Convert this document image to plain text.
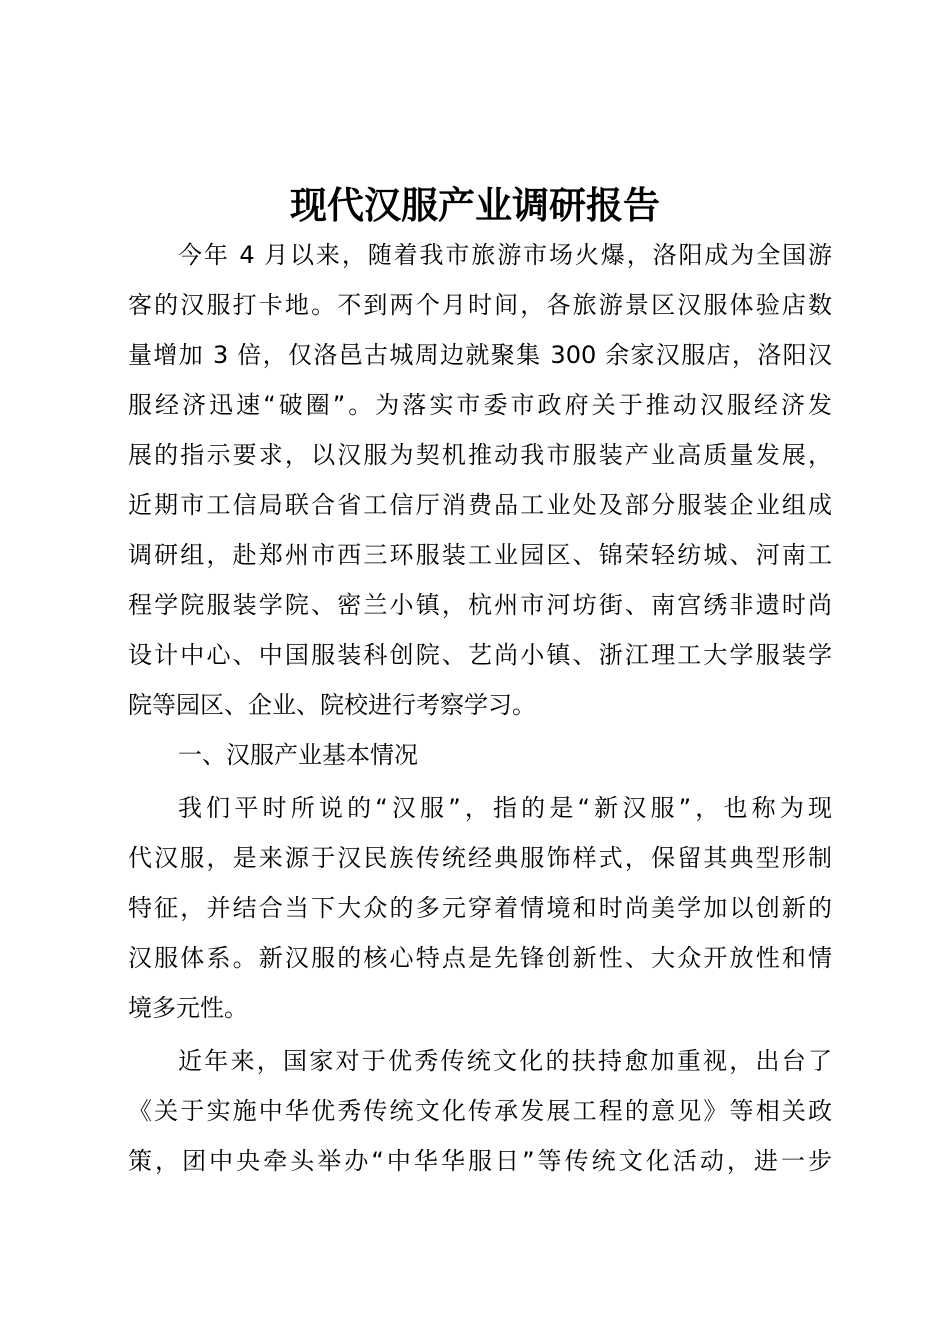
现代汉服产业调研报告
今年 4 月以来，随着我市旅游市场火爆，洛阳成为全国游
客的汉服打卡地。不到两个月时间，各旅游景区汉服体验店数
量增加 3 倍，仅洛邑古城周边就聚集 300 余家汉服店，洛阳汉
服经济迅速“破圈”。为落实市委市政府关于推动汉服经济发
展的指示要求，以汉服为契机推动我市服装产业高质量发展，
近期市工信局联合省工信厅消费品工业处及部分服装企业组成
调研组，赴郑州市西三环服装工业园区、锦荣轻纺城、河南工
程学院服装学院、密兰小镇，杭州市河坊街、南宫绣非遗时尚
设计中心、中国服装科创院、艺尚小镇、浙江理工大学服装学
院等园区、企业、院校进行考察学习。
一、汉服产业基本情况
我们平时所说的“汉服”，指的是“新汉服”，也称为现
代汉服，是来源于汉民族传统经典服饰样式，保留其典型形制
特征，并结合当下大众的多元穿着情境和时尚美学加以创新的
汉服体系。新汉服的核心特点是先锋创新性、大众开放性和情
境多元性。
近年来，国家对于优秀传统文化的扶持愈加重视，出台了
《关于实施中华优秀传统文化传承发展工程的意见》等相关政
策，团中央牵头举办“中华华服日”等传统文化活动，进一步
